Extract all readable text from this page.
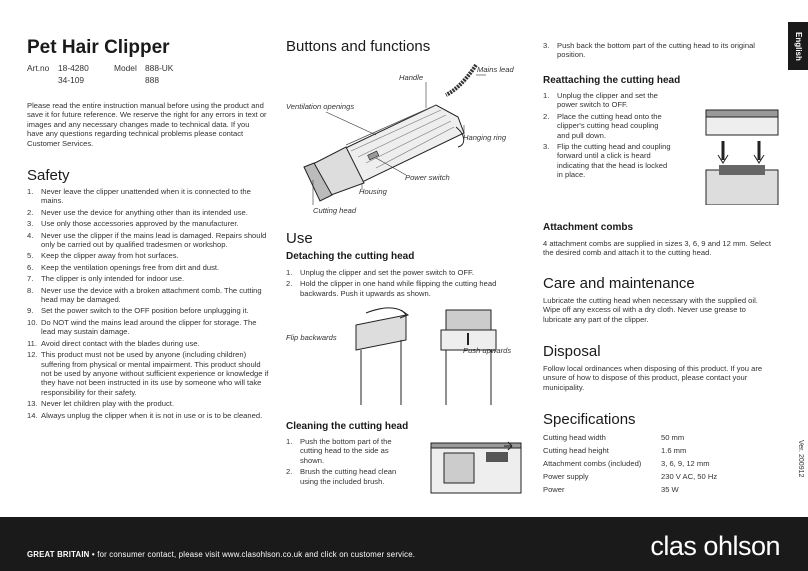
Pet Hair Clipper
Art.no	18-4280	Model 888-UK
34-109	888

Please read the entire instruction manual before using the product and save it for future reference. We reserve the right for any errors in text or images and any necessary changes made to technical data. If you have any questions regarding technical problems please contact Customer Services.

Safety
1. Never leave the clipper unattended when it is connected to the mains.
2. Never use the device for anything other than its intended use.
3. Use only those accessories approved by the manufacturer.
4. Never use the clipper if the mains lead is damaged. Repairs should only be carried out by qualified tradesmen or workshop.
5. Keep the clipper away from hot surfaces.
6. Keep the ventilation openings free from dirt and dust.
7. The clipper is only intended for indoor use.
8. Never use the device with a broken attachment comb. The cutting head may be damaged.
9. Set the power switch to the OFF position before unplugging it.
10. Do NOT wind the mains lead around the clipper for storage. The lead may sustain damage.
11. Avoid direct contact with the blades during use.
12. This product must not be used by anyone (including children) suffering from physical or mental impairment. This product should not be used by anyone without sufficient experience or knowledge if they have not been instructed in its use by someone who will take responsibility for their safety.
13. Never let children play with the product.
14. Always unplug the clipper when it is not in use or is to be cleaned.
Buttons and functions
Handle
Mains lead
Ventilation openings
Hanging ring
Power switch
Housing
Cutting head
Use
Detaching the cutting head
1. Unplug the clipper and set the power switch to OFF.
2. Hold the clipper in one hand while flipping the cutting head backwards. Push it upwards as shown.
Flip backwards
Push upwards
Cleaning the cutting head
1. Push the bottom part of the cutting head to the side as shown.
2. Brush the cutting head clean using the included brush.
3. Push back the bottom part of the cutting head to its original position.
Reattaching the cutting head
1. Unplug the clipper and set the power switch to OFF.
2. Place the cutting head onto the clipper's cutting head coupling and pull down.
3. Flip the cutting head and coupling forward until a click is heard indicating that the head is locked in place.
Attachment combs

4 attachment combs are supplied in sizes 3, 6, 9 and 12 mm. Select the desired comb and attach it to the cutting head.

Care and maintenance

Lubricate the cutting head when necessary with the supplied oil. Wipe off any excess oil with a dry cloth. Never use grease to lubricate any part of the clipper.

Disposal

Follow local ordinances when disposing of this product. If you are unsure of how to dispose of this product, please contact your municipality.

Specifications
Cutting head width	50 mm
Cutting head height	1.6 mm
Attachment combs (included)	3, 6, 9, 12 mm
Power supply	230 V AC, 50 Hz
Power	35 W
English
Ver. 200912
GREAT BRITAIN • for consumer contact, please visit www.clasohlson.co.uk and click on customer service.	clas ohlson
